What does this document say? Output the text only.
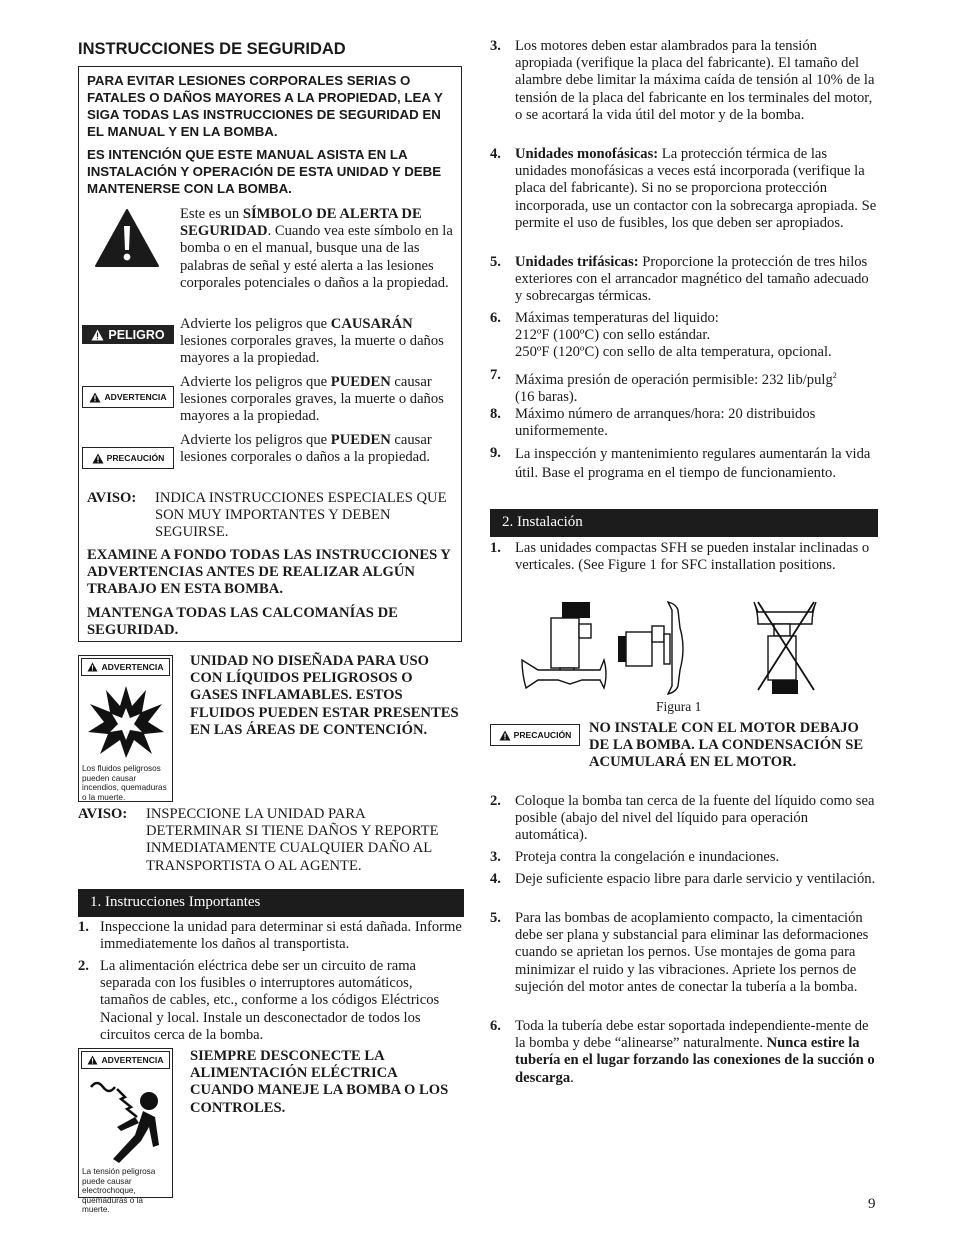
INSTRUCCIONES DE SEGURIDAD
PARA EVITAR LESIONES CORPORALES SERIAS O FATALES O DAÑOS MAYORES A LA PROPIEDAD, LEA Y SIGA TODAS LAS INSTRUCCIONES DE SEGURIDAD EN EL MANUAL Y EN LA BOMBA.
ES INTENCIÓN QUE ESTE MANUAL ASISTA EN LA INSTALACIÓN Y OPERACIÓN DE ESTA UNIDAD Y DEBE MANTENERSE CON LA BOMBA.
Este es un SÍMBOLO DE ALERTA DE SEGURIDAD. Cuando vea este símbolo en la bomba o en el manual, busque una de las palabras de señal y esté alerta a las lesiones corporales potenciales o daños a la propiedad.
PELIGRO
Advierte los peligros que CAUSARÁN lesiones corporales graves, la muerte o daños mayores a la propiedad.
ADVERTENCIA
Advierte los peligros que PUEDEN causar lesiones corporales graves, la muerte o daños mayores a la propiedad.
PRECAUCIÓN
Advierte los peligros que PUEDEN causar lesiones corporales o daños a la propiedad.
AVISO: INDICA INSTRUCCIONES ESPECIALES QUE SON MUY IMPORTANTES Y DEBEN SEGUIRSE.
EXAMINE A FONDO TODAS LAS INSTRUCCIONES Y ADVERTENCIAS ANTES DE REALIZAR ALGÚN TRABAJO EN ESTA BOMBA.
MANTENGA TODAS LAS CALCOMANÍAS DE SEGURIDAD.
ADVERTENCIA
Los fluidos peligrosos pueden causar incendios, quemaduras o la muerte.
UNIDAD NO DISEÑADA PARA USO CON LÍQUIDOS PELIGROSOS O GASES INFLAMABLES. ESTOS FLUIDOS PUEDEN ESTAR PRESENTES EN LAS ÁREAS DE CONTENCIÓN.
AVISO: INSPECCIONE LA UNIDAD PARA DETERMINAR SI TIENE DAÑOS Y REPORTE INMEDIATAMENTE CUALQUIER DAÑO AL TRANSPORTISTA O AL AGENTE.
1. Instrucciones Importantes
1. Inspeccione la unidad para determinar si está dañada. Informe immediatemente los daños al transportista.
2. La alimentación eléctrica debe ser un circuito de rama separada con los fusibles o interruptores automáticos, tamaños de cables, etc., conforme a los códigos Eléctricos Nacional y local. Instale un desconectador de todos los circuitos cerca de la bomba.
ADVERTENCIA
La tensión peligrosa puede causar electrochoque, quemaduras o la muerte.
SIEMPRE DESCONECTE LA ALIMENTACIÓN ELÉCTRICA CUANDO MANEJE LA BOMBA O LOS CONTROLES.
3. Los motores deben estar alambrados para la tensión apropiada (verifique la placa del fabricante). El tamaño del alambre debe limitar la máxima caída de tensión al 10% de la tensión de la placa del fabricante en los terminales del motor, o se acortará la vida útil del motor y de la bomba.
4. Unidades monofásicas: La protección térmica de las unidades monofásicas a veces está incorporada (verifique la placa del fabricante). Si no se proporciona protección incorporada, use un contactor con la sobrecarga apropiada. Se permite el uso de fusibles, los que deben ser apropiados.
5. Unidades trifásicas: Proporcione la protección de tres hilos exteriores con el arrancador magnético del tamaño adecuado y sobrecargas térmicas.
6. Máximas temperaturas del liquido:
212ºF (100ºC) con sello estándar.
250ºF (120ºC) con sello de alta temperatura, opcional.
7. Máxima presión de operación permisible: 232 lib/pulg$^2$
(16 baras).
8. Máximo número de arranques/hora: 20 distribuidos uniformemente.
9. La inspección y mantenimiento regulares aumentarán la vida útil. Base el programa en el tiempo de funcionamiento.
2. Instalación
1. Las unidades compactas SFH se pueden instalar inclinadas o verticales. (See Figure 1 for SFC installation positions.
Figura 1
PRECAUCIÓN NO INSTALE CON EL MOTOR DEBAJO DE LA BOMBA. LA CONDENSACIÓN SE ACUMULARÁ EN EL MOTOR.
2. Coloque la bomba tan cerca de la fuente del líquido como sea posible (abajo del nivel del líquido para operación automática).
3. Proteja contra la congelación e inundaciones.
4. Deje suficiente espacio libre para darle servicio y ventilación.
5. Para las bombas de acoplamiento compacto, la cimentación debe ser plana y substancial para eliminar las deformaciones cuando se aprietan los pernos. Use montajes de goma para minimizar el ruido y las vibraciones. Apriete los pernos de sujeción del motor antes de conectar la tubería a la bomba.
6. Toda la tubería debe estar soportada independiente-mente de la bomba y debe “alinearse” naturalmente. Nunca estire la tubería en el lugar forzando las conexiones de la succión o descarga.
9
